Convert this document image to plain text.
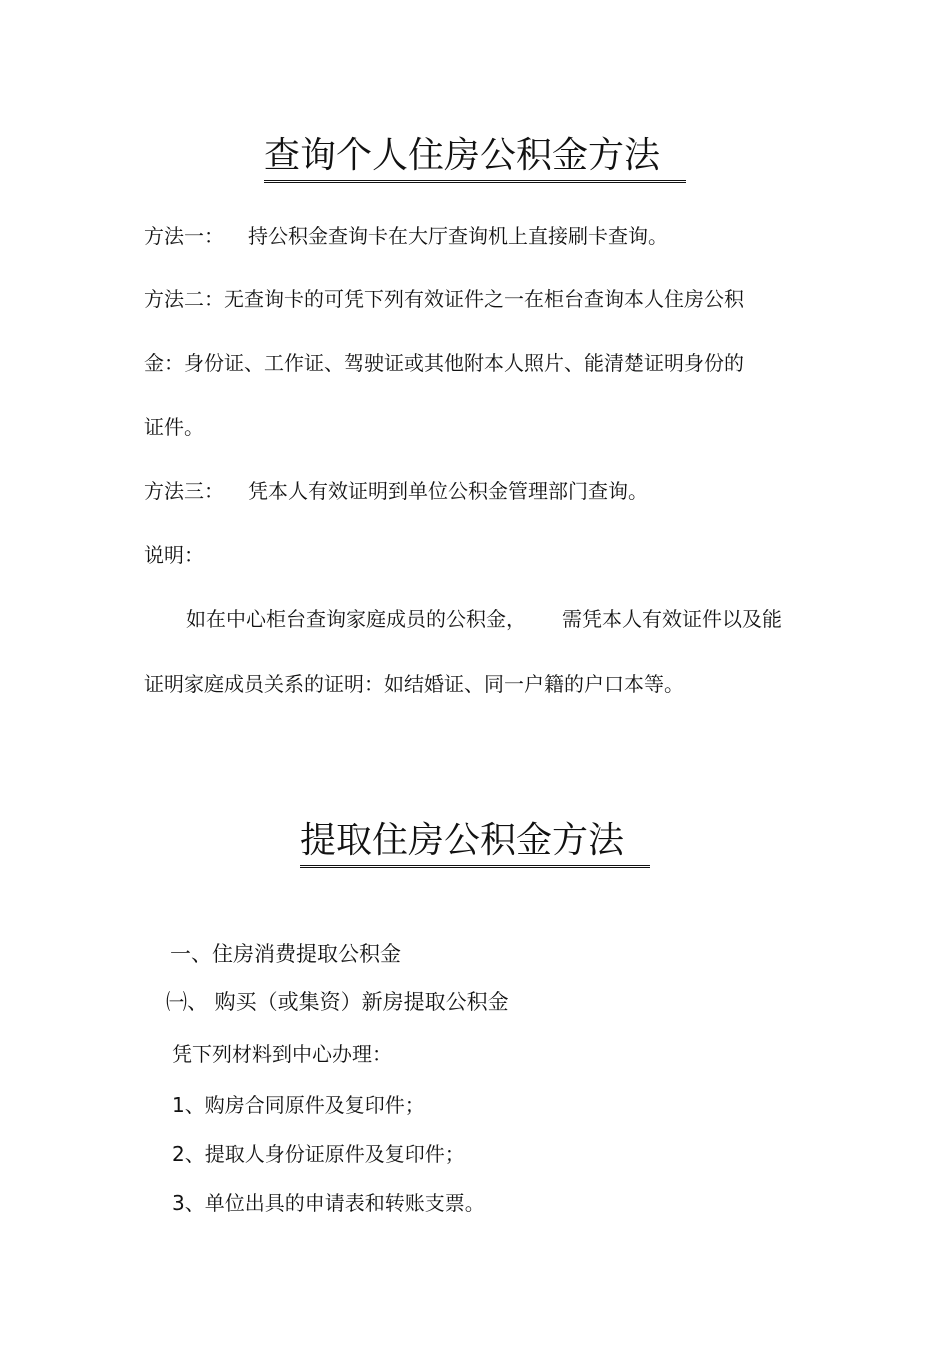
查询个人住房公积金方法

方法一： 持公积金查询卡在大厅查询机上直接刷卡查询。

方法二：无查询卡的可凭下列有效证件之一在柜台查询本人住房公积

金：身份证、工作证、驾驶证或其他附本人照片、能清楚证明身份的

证件。

方法三： 凭本人有效证明到单位公积金管理部门查询。

说明：

如在中心柜台查询家庭成员的公积金， 需凭本人有效证件以及能

证明家庭成员关系的证明：如结婚证、同一户籍的户口本等。

提取住房公积金方法

一、住房消费提取公积金

㈠、 购买（或集资）新房提取公积金

凭下列材料到中心办理：

1、购房合同原件及复印件；

2、提取人身份证原件及复印件；

3、单位出具的申请表和转账支票。
